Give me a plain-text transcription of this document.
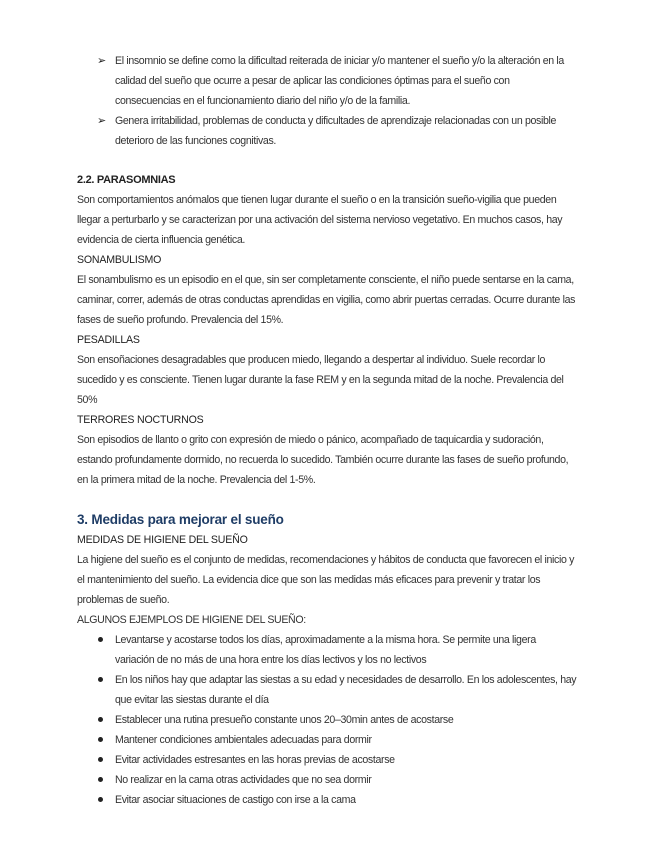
➢ El insomnio se define como la dificultad reiterada de iniciar y/o mantener el sueño y/o la alteración en la calidad del sueño que ocurre a pesar de aplicar las condiciones óptimas para el sueño con consecuencias en el funcionamiento diario del niño y/o de la familia.
➢ Genera irritabilidad, problemas de conducta y dificultades de aprendizaje relacionadas con un posible deterioro de las funciones cognitivas.

2.2. PARASOMNIAS

Son comportamientos anómalos que tienen lugar durante el sueño o en la transición sueño-vigilia que pueden llegar a perturbarlo y se caracterizan por una activación del sistema nervioso vegetativo. En muchos casos, hay evidencia de cierta influencia genética.

SONAMBULISMO

El sonambulismo es un episodio en el que, sin ser completamente consciente, el niño puede sentarse en la cama, caminar, correr, además de otras conductas aprendidas en vigilia, como abrir puertas cerradas. Ocurre durante las fases de sueño profundo. Prevalencia del 15%.

PESADILLAS

Son ensoñaciones desagradables que producen miedo, llegando a despertar al individuo. Suele recordar lo sucedido y es consciente. Tienen lugar durante la fase REM y en la segunda mitad de la noche. Prevalencia del 50%

TERRORES NOCTURNOS

Son episodios de llanto o grito con expresión de miedo o pánico, acompañado de taquicardia y sudoración, estando profundamente dormido, no recuerda lo sucedido. También ocurre durante las fases de sueño profundo, en la primera mitad de la noche. Prevalencia del 1-5%.

3. Medidas para mejorar el sueño

MEDIDAS DE HIGIENE DEL SUEÑO

La higiene del sueño es el conjunto de medidas, recomendaciones y hábitos de conducta que favorecen el inicio y el mantenimiento del sueño. La evidencia dice que son las medidas más eficaces para prevenir y tratar los problemas de sueño.

ALGUNOS EJEMPLOS DE HIGIENE DEL SUEÑO:

Levantarse y acostarse todos los días, aproximadamente a la misma hora. Se permite una ligera variación de no más de una hora entre los días lectivos y los no lectivos
En los niños hay que adaptar las siestas a su edad y necesidades de desarrollo. En los adolescentes, hay que evitar las siestas durante el día
Establecer una rutina presueño constante unos 20–30min antes de acostarse
Mantener condiciones ambientales adecuadas para dormir
Evitar actividades estresantes en las horas previas de acostarse
No realizar en la cama otras actividades que no sea dormir
Evitar asociar situaciones de castigo con irse a la cama
